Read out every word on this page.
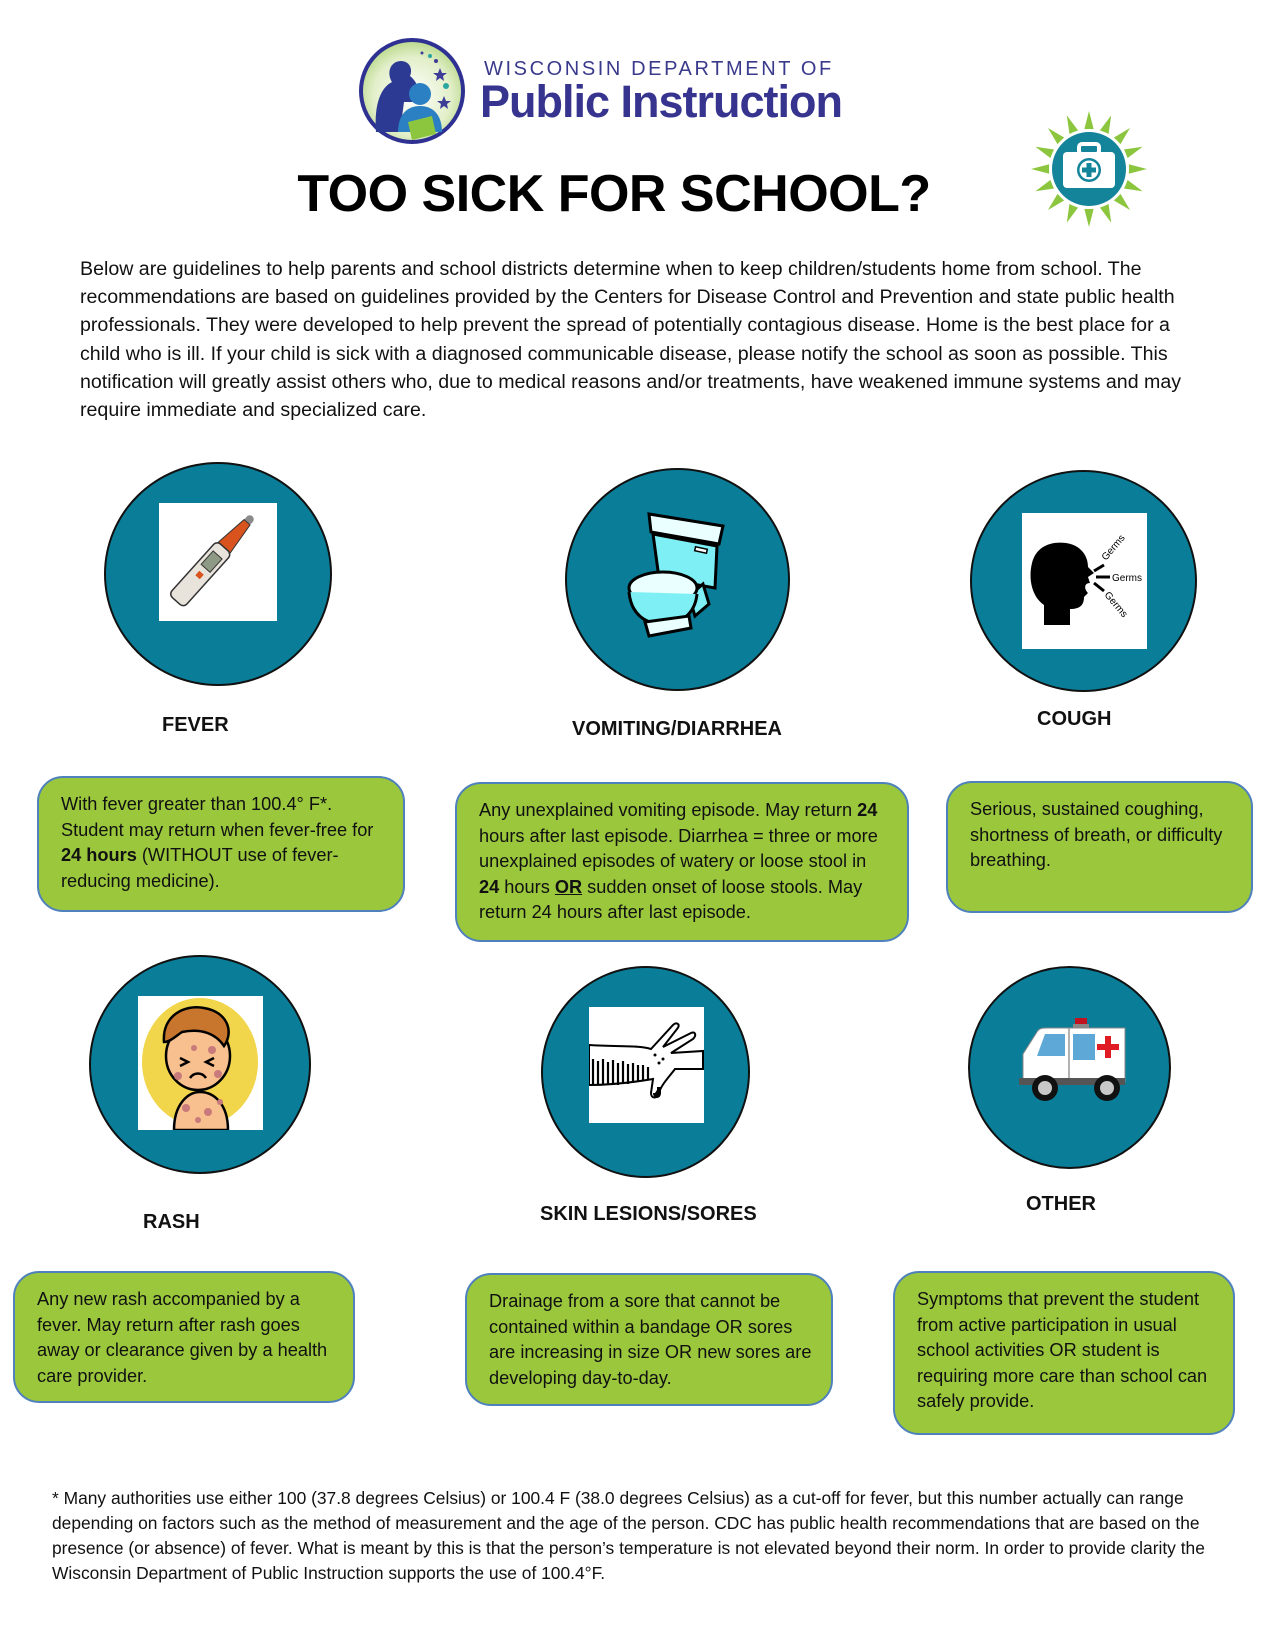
WISCONSIN DEPARTMENT OF
Public Instruction
TOO SICK FOR SCHOOL?
Below are guidelines to help parents and school districts determine when to keep children/students home from school. The recommendations are based on guidelines provided by the Centers for Disease Control and Prevention and state public health professionals. They were developed to help prevent the spread of potentially contagious disease. Home is the best place for a child who is ill. If your child is sick with a diagnosed communicable disease, please notify the school as soon as possible. This notification will greatly assist others who, due to medical reasons and/or treatments, have weakened immune systems and may require immediate and specialized care.
FEVER
With fever greater than 100.4° F*. Student may return when fever-free for 24 hours (WITHOUT use of fever-reducing medicine).
VOMITING/DIARRHEA
Any unexplained vomiting episode. May return 24 hours after last episode. Diarrhea = three or more unexplained episodes of watery or loose stool in 24 hours OR sudden onset of loose stools. May return 24 hours after last episode.
Germs
Germs
Germs
COUGH
Serious, sustained coughing, shortness of breath, or difficulty breathing.
RASH
Any new rash accompanied by a fever. May return after rash goes away or clearance given by a health care provider.
SKIN LESIONS/SORES
Drainage from a sore that cannot be contained within a bandage OR sores are increasing in size OR new sores are developing day-to-day.
OTHER
Symptoms that prevent the student from active participation in usual school activities OR student is requiring more care than school can safely provide.
* Many authorities use either 100 (37.8 degrees Celsius) or 100.4 F (38.0 degrees Celsius) as a cut-off for fever, but this number actually can range depending on factors such as the method of measurement and the age of the person. CDC has public health recommendations that are based on the presence (or absence) of fever. What is meant by this is that the person’s temperature is not elevated beyond their norm. In order to provide clarity the Wisconsin Department of Public Instruction supports the use of 100.4°F.
